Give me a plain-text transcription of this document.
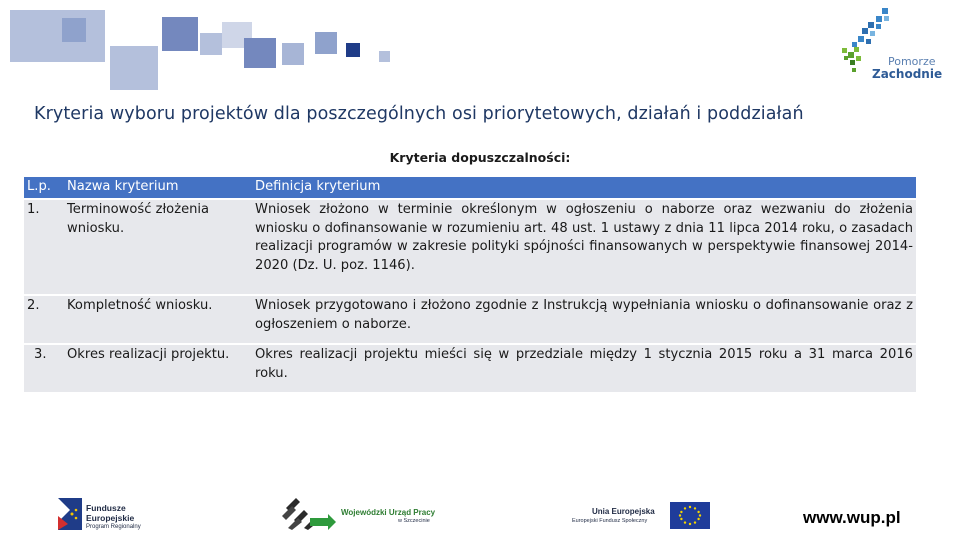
Pomorze
Zachodnie
Kryteria wyboru projektów dla poszczególnych osi priorytetowych, działań i poddziałań
Kryteria dopuszczalności:
L.p.	Nazwa kryterium	Definicja kryterium
1.	Terminowość złożenia wniosku.	Wniosek złożono w terminie określonym w ogłoszeniu o naborze oraz wezwaniu do złożenia wniosku o dofinansowanie w rozumieniu art. 48 ust. 1 ustawy z dnia 11 lipca 2014 roku, o zasadach realizacji programów w zakresie polityki spójności finansowanych w perspektywie finansowej 2014-2020 (Dz. U. poz. 1146).
2.	Kompletność wniosku.	Wniosek przygotowano i złożono zgodnie z Instrukcją wypełniania wniosku o dofinansowanie oraz z ogłoszeniem o naborze.
3.	Okres realizacji projektu.	Okres realizacji projektu mieści się w przedziale między 1 stycznia 2015 roku a 31 marca 2016 roku.
Fundusze
Europejskie
Program Regionalny
Wojewódzki Urząd Pracy
w Szczecinie
Unia Europejska
Europejski Fundusz Społeczny	www.wup.pl
